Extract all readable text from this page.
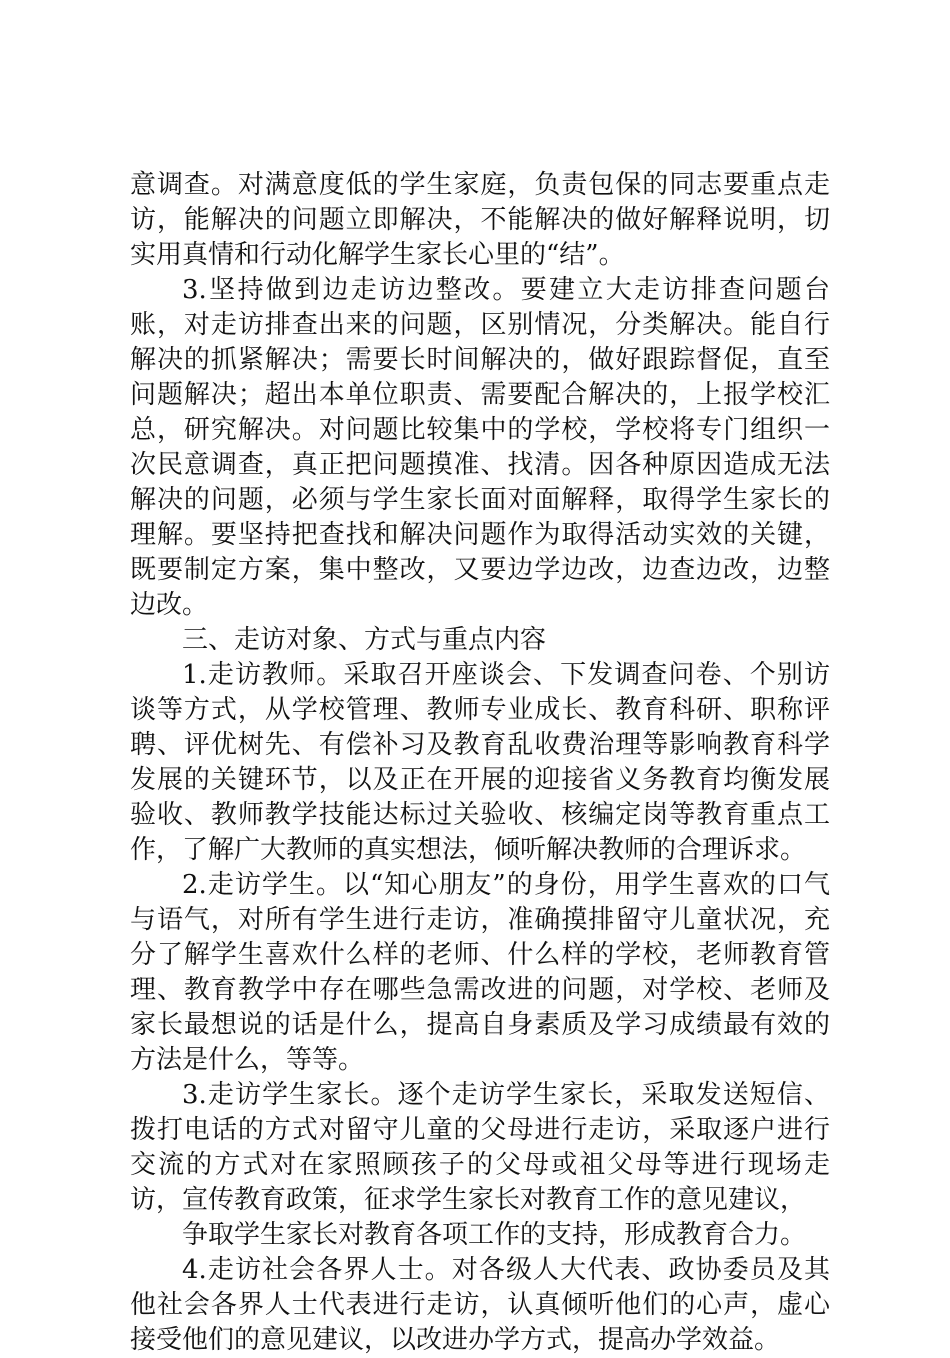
意调查。对满意度低的学生家庭，负责包保的同志要重点走访，能解决的问题立即解决，不能解决的做好解释说明，切实用真情和行动化解学生家长心里的“结”。

3.坚持做到边走访边整改。要建立大走访排查问题台账，对走访排查出来的问题，区别情况，分类解决。能自行解决的抓紧解决；需要长时间解决的，做好跟踪督促，直至问题解决；超出本单位职责、需要配合解决的，上报学校汇总，研究解决。对问题比较集中的学校，学校将专门组织一次民意调查，真正把问题摸准、找清。因各种原因造成无法解决的问题，必须与学生家长面对面解释，取得学生家长的理解。要坚持把查找和解决问题作为取得活动实效的关键，既要制定方案，集中整改，又要边学边改，边查边改，边整边改。

三、走访对象、方式与重点内容

1.走访教师。采取召开座谈会、下发调查问卷、个别访谈等方式，从学校管理、教师专业成长、教育科研、职称评聘、评优树先、有偿补习及教育乱收费治理等影响教育科学发展的关键环节，以及正在开展的迎接省义务教育均衡发展验收、教师教学技能达标过关验收、核编定岗等教育重点工作，了解广大教师的真实想法，倾听解决教师的合理诉求。

2.走访学生。以“知心朋友”的身份，用学生喜欢的口气与语气，对所有学生进行走访，准确摸排留守儿童状况，充分了解学生喜欢什么样的老师、什么样的学校，老师教育管理、教育教学中存在哪些急需改进的问题，对学校、老师及家长最想说的话是什么，提高自身素质及学习成绩最有效的方法是什么，等等。

3.走访学生家长。逐个走访学生家长，采取发送短信、拨打电话的方式对留守儿童的父母进行走访，采取逐户进行交流的方式对在家照顾孩子的父母或祖父母等进行现场走访，宣传教育政策，征求学生家长对教育工作的意见建议，

争取学生家长对教育各项工作的支持，形成教育合力。

4.走访社会各界人士。对各级人大代表、政协委员及其他社会各界人士代表进行走访，认真倾听他们的心声，虚心接受他们的意见建议，以改进办学方式，提高办学效益。
